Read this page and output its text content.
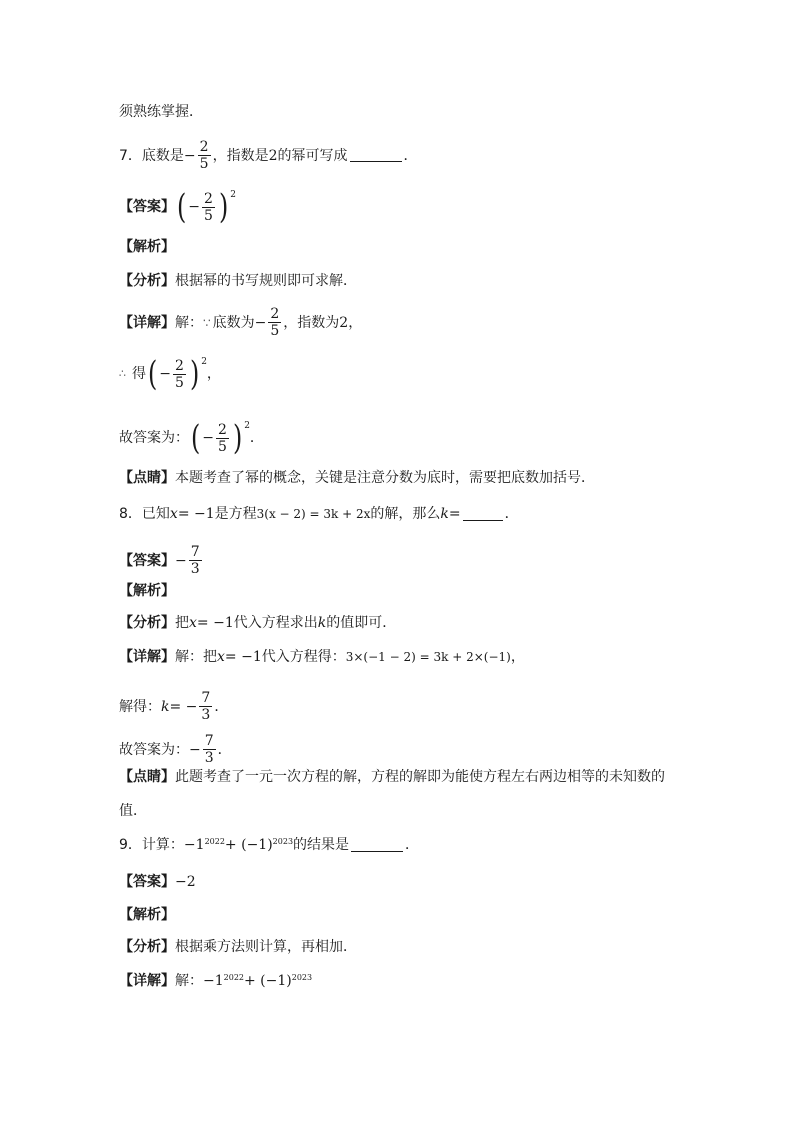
须熟练掌握．
7． 底数是 − $\frac{2}{5}$ ，指数是 2 的幂可写成	．
【答案】 ( − $\frac{2}{5}$ ) 2
【解析】
【分析】 根据幂的书写规则即可求解．
【详解】 解： ∵ 底数为 − $\frac{2}{5}$ ，指数为 2 ，
∴ 得 ( − $\frac{2}{5}$ ) 2
，
故答案为： ( − $\frac{2}{5}$ ) 2
．
【点睛】 本题考查了幂的概念，关键是注意分数为底时，需要把底数加括号．
8． 已知 x = −1 是方程 3(x − 2) = 3k + 2x 的解，那么 k =	．
【答案】 − $\frac{7}{3}$
【解析】
【分析】 把 x = −1 代入方程求出 k 的值即可．
【详解】 解：把 x = −1 代入方程得： 3×(−1 − 2) = 3k + 2×(−1) ，
解得： k = − $\frac{7}{3}$ ．
故答案为： − $\frac{7}{3}$ ．
【点睛】 此题考查了一元一次方程的解，方程的解即为能使方程左右两边相等的未知数的
值．
9． 计算： $-1^{2022} + (-1)^{2023}$ 的结果是	．
【答案】 −2
【解析】
【分析】 根据乘方法则计算，再相加．
【详解】 解： $-1^{2022} + (-1)^{2023}$
